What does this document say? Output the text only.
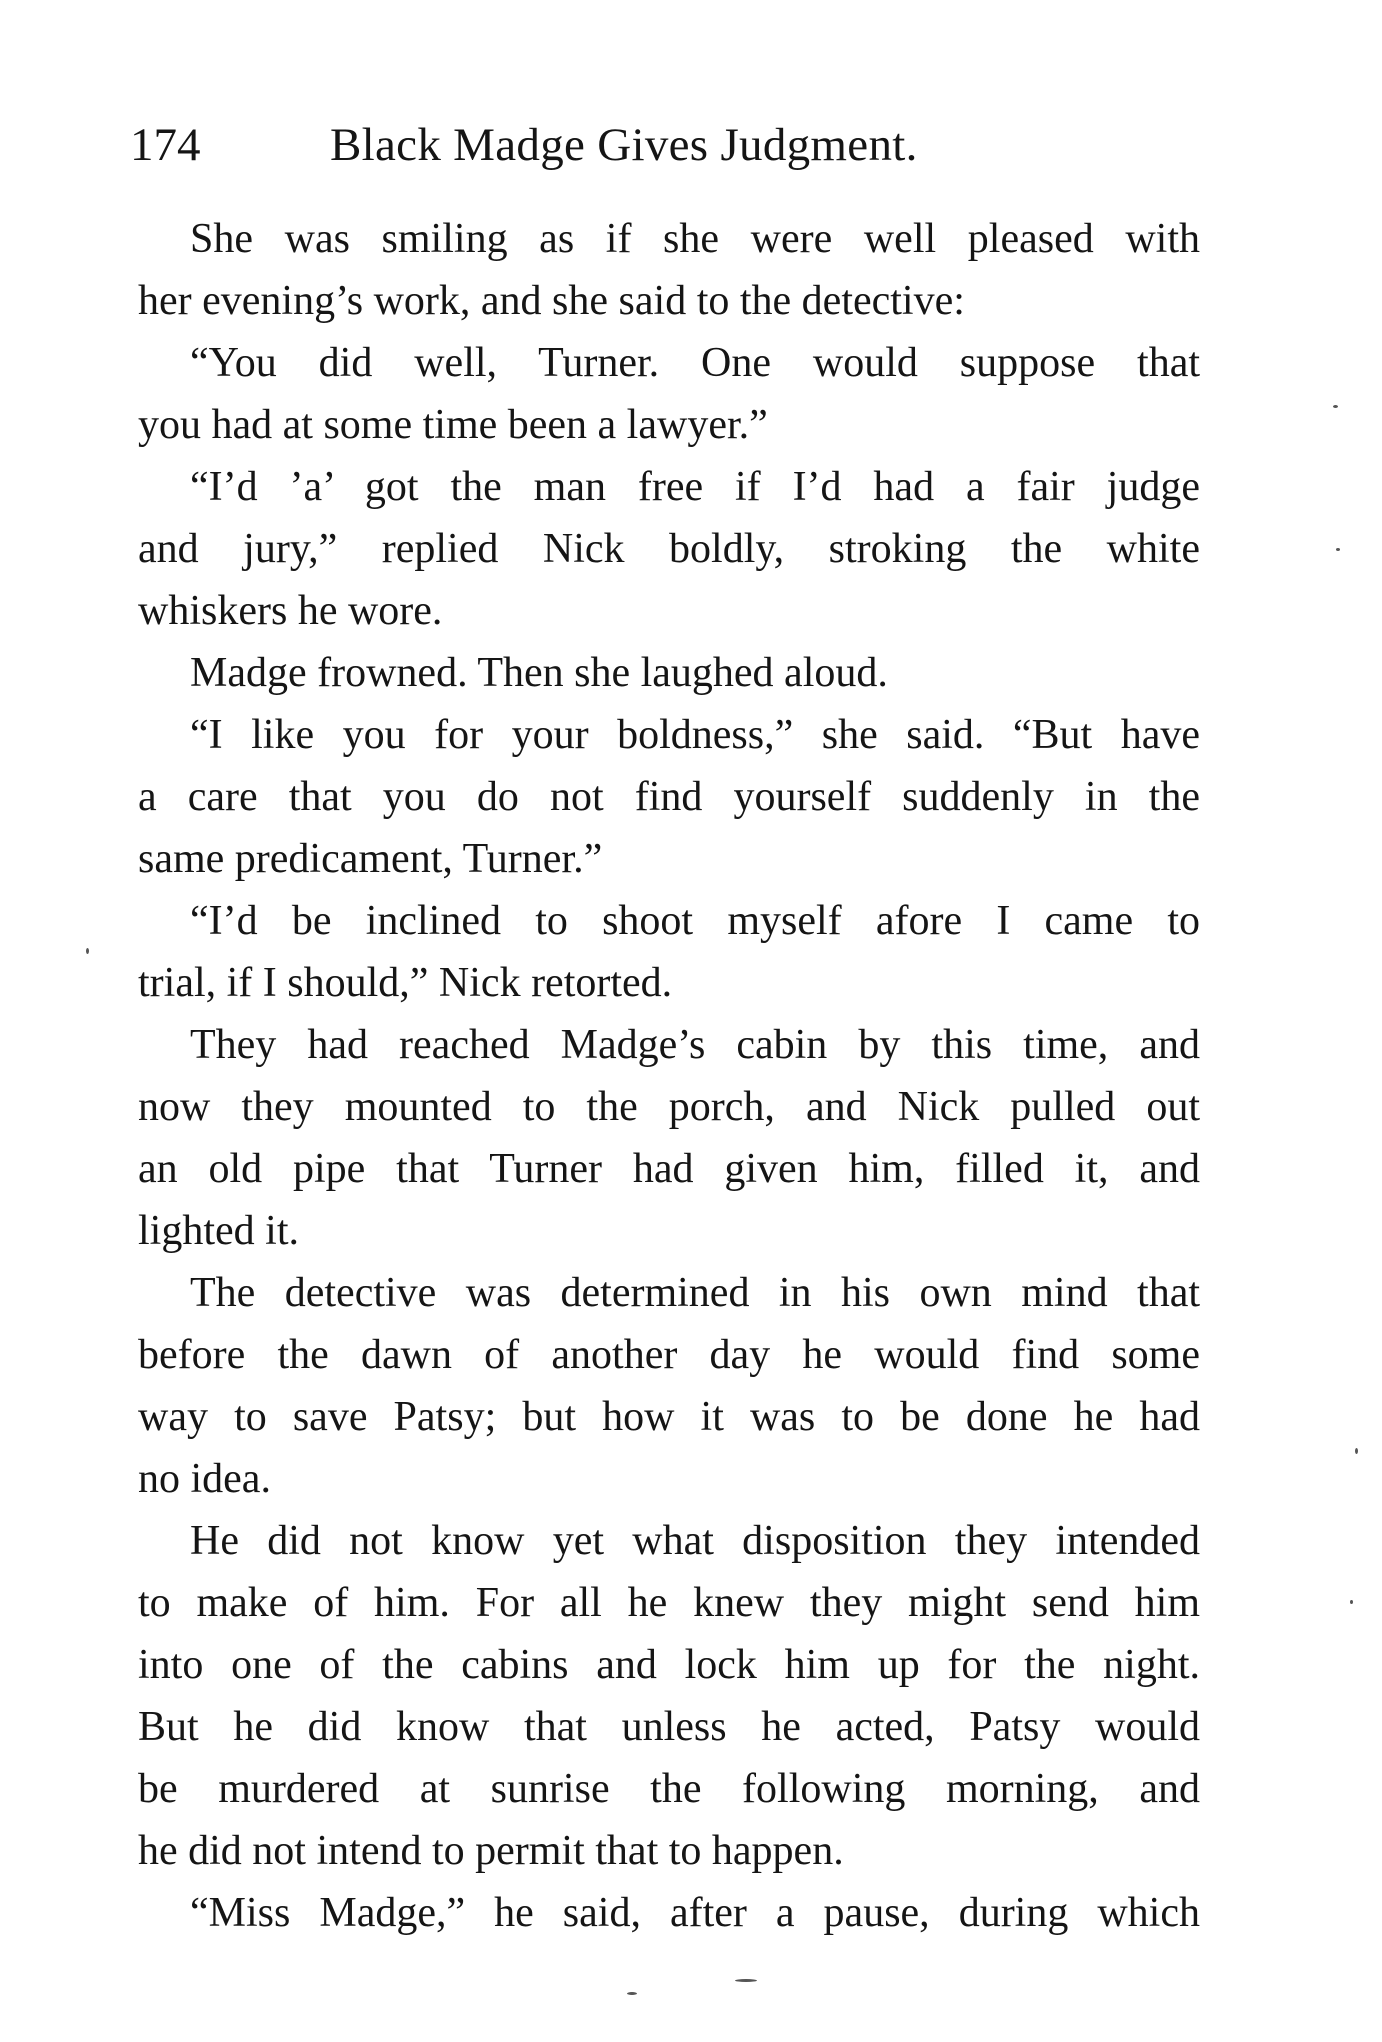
174	Black Madge Gives Judgment.
She was smiling as if she were well pleased with
her evening’s work, and she said to the detective:
“You did well, Turner. One would suppose that
you had at some time been a lawyer.”
“I’d ’a’ got the man free if I’d had a fair judge
and jury,” replied Nick boldly, stroking the white
whiskers he wore.
Madge frowned. Then she laughed aloud.
“I like you for your boldness,” she said. “But have
a care that you do not find yourself suddenly in the
same predicament, Turner.”
“I’d be inclined to shoot myself afore I came to
trial, if I should,” Nick retorted.
They had reached Madge’s cabin by this time, and
now they mounted to the porch, and Nick pulled out
an old pipe that Turner had given him, filled it, and
lighted it.
The detective was determined in his own mind that
before the dawn of another day he would find some
way to save Patsy; but how it was to be done he had
no idea.
He did not know yet what disposition they intended
to make of him. For all he knew they might send him
into one of the cabins and lock him up for the night.
But he did know that unless he acted, Patsy would
be murdered at sunrise the following morning, and
he did not intend to permit that to happen.
“Miss Madge,” he said, after a pause, during which
